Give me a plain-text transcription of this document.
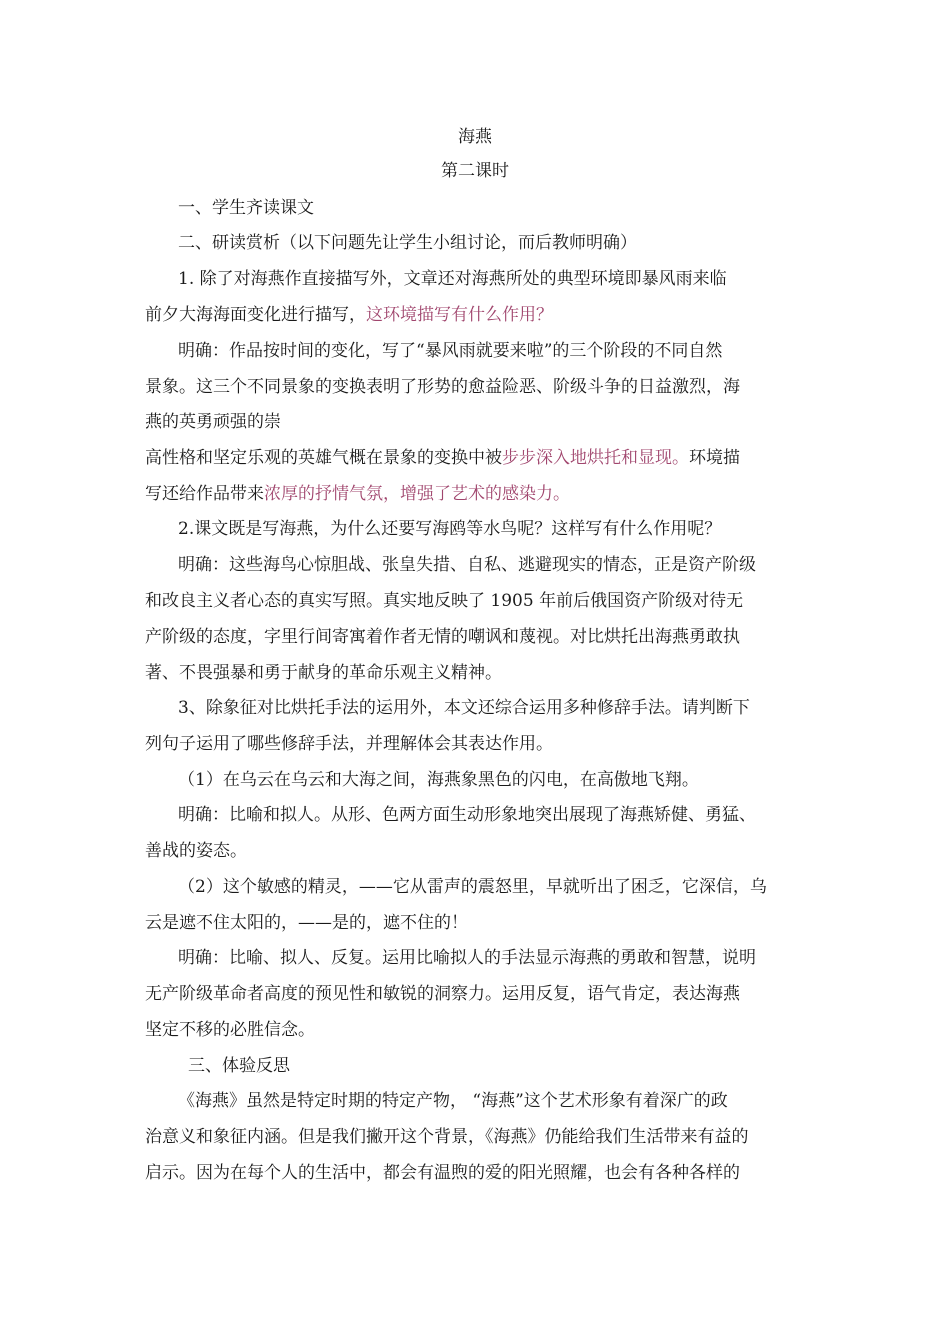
海燕
第二课时
一、学生齐读课文
二、研读赏析（以下问题先让学生小组讨论，而后教师明确）
1. 除了对海燕作直接描写外，文章还对海燕所处的典型环境即暴风雨来临
前夕大海海面变化进行描写，这环境描写有什么作用？
明确：作品按时间的变化，写了“暴风雨就要来啦”的三个阶段的不同自然
景象。这三个不同景象的变换表明了形势的愈益险恶、阶级斗争的日益激烈，海
燕的英勇顽强的崇
高性格和坚定乐观的英雄气概在景象的变换中被步步深入地烘托和显现。环境描
写还给作品带来浓厚的抒情气氛，增强了艺术的感染力。
2.课文既是写海燕，为什么还要写海鸥等水鸟呢？这样写有什么作用呢？
明确：这些海鸟心惊胆战、张皇失措、自私、逃避现实的情态，正是资产阶级
和改良主义者心态的真实写照。真实地反映了 1905 年前后俄国资产阶级对待无
产阶级的态度，字里行间寄寓着作者无情的嘲讽和蔑视。对比烘托出海燕勇敢执
著、不畏强暴和勇于献身的革命乐观主义精神。
3、除象征对比烘托手法的运用外，本文还综合运用多种修辞手法。请判断下
列句子运用了哪些修辞手法，并理解体会其表达作用。
（1）在乌云在乌云和大海之间，海燕象黑色的闪电，在高傲地飞翔。
明确：比喻和拟人。从形、色两方面生动形象地突出展现了海燕矫健、勇猛、
善战的姿态。
（2）这个敏感的精灵，——它从雷声的震怒里，早就听出了困乏，它深信，乌
云是遮不住太阳的，——是的，遮不住的！
明确：比喻、拟人、反复。运用比喻拟人的手法显示海燕的勇敢和智慧，说明
无产阶级革命者高度的预见性和敏锐的洞察力。运用反复，语气肯定，表达海燕
坚定不移的必胜信念。
三、体验反思
《海燕》虽然是特定时期的特定产物， “海燕”这个艺术形象有着深广的政
治意义和象征内涵。但是我们撇开这个背景，《海燕》仍能给我们生活带来有益的
启示。因为在每个人的生活中，都会有温煦的爱的阳光照耀，也会有各种各样的
